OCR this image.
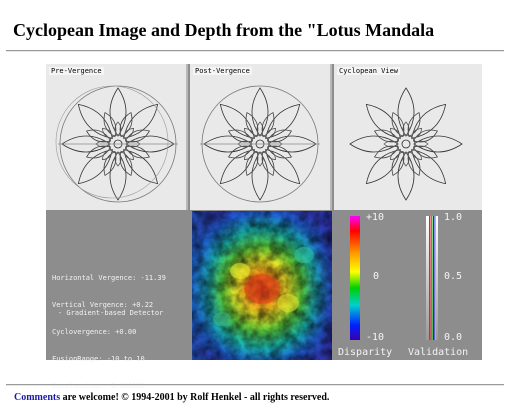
Cyclopean Image and Depth from the "Lotus Mandala
Pre-Vergence	Post-Vergence	Cyclopean View

Horizontal Vergence: -11.39

Vertical Vergence: +0.22

Cyclovergence: +0.00

FusionRange: -10 to 10

Verification: 0.000000

- Gradient-based Detector
+10
0
-10
Disparity
1.0
0.5
0.0
Validation
Comments are welcome! © 1994-2001 by Rolf Henkel - all rights reserved.
